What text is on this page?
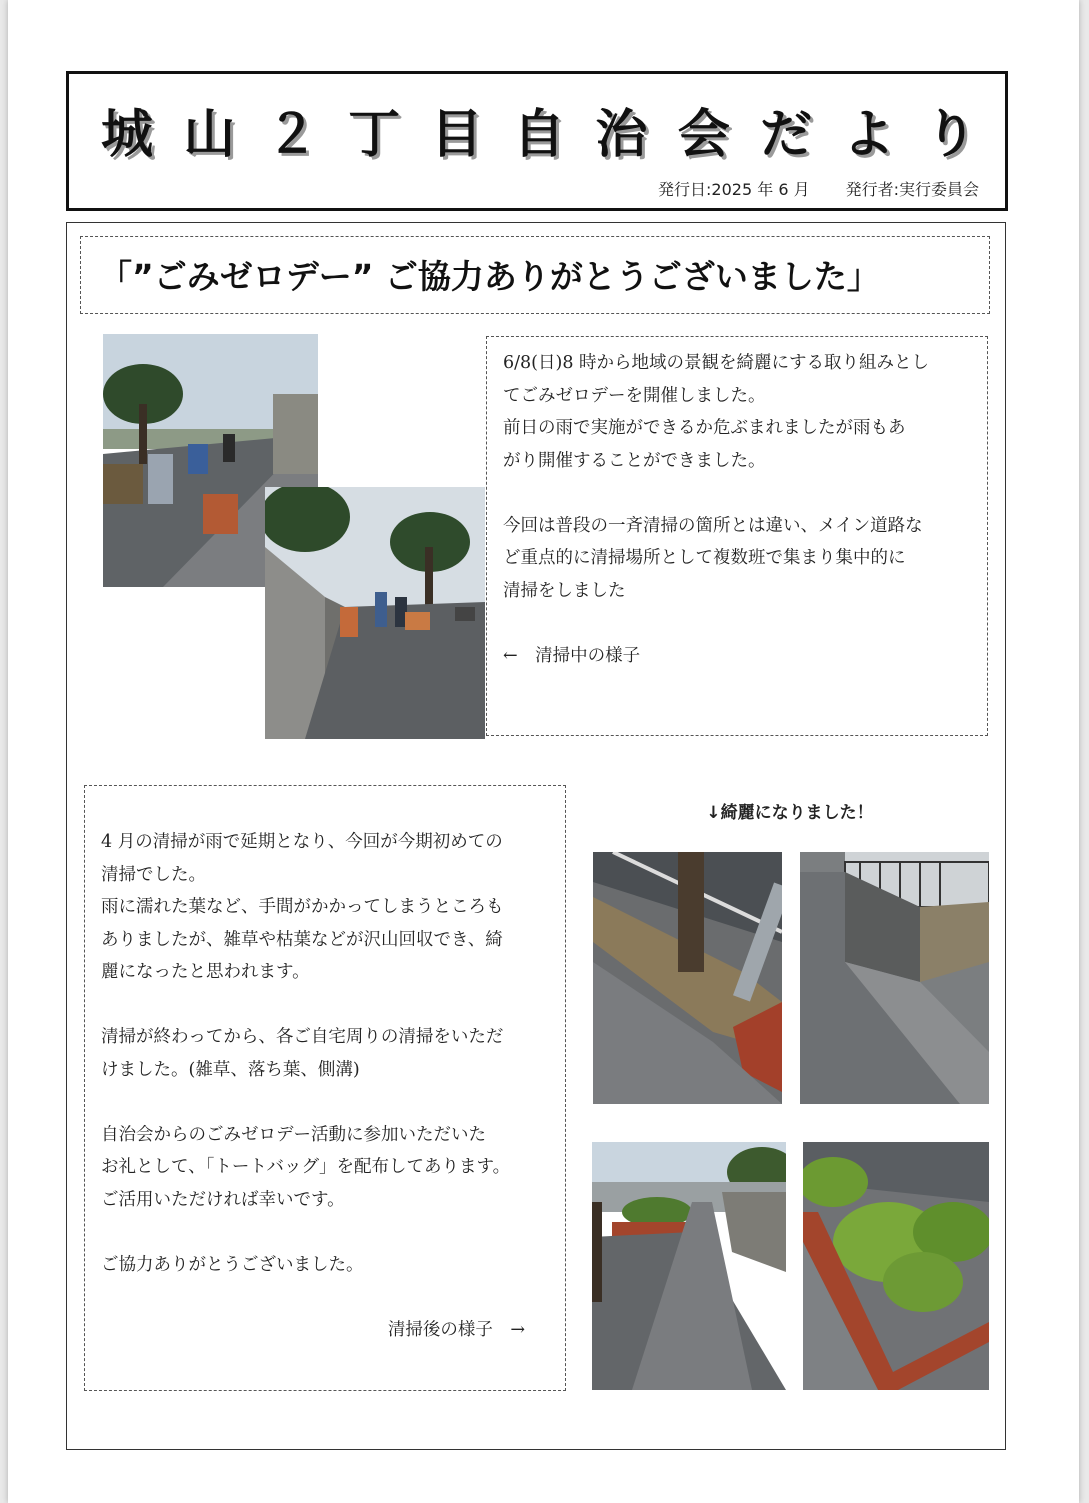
城 山 ２ 丁 目 自 治 会 だ よ り
発行日:2025 年 6 月 発行者:実行委員会
「”ごみゼロデー” ご協力ありがとうございました」

6/8(日)8 時から地域の景観を綺麗にする取り組みとし

てごみゼロデーを開催しました。

前日の雨で実施ができるか危ぶまれましたが雨もあ

がり開催することができました。

今回は普段の一斉清掃の箇所とは違い、メイン道路な

ど重点的に清掃場所として複数班で集まり集中的に

清掃をしました

←　清掃中の様子

↓綺麗になりました！

4 月の清掃が雨で延期となり、今回が今期初めての

清掃でした。

雨に濡れた葉など、手間がかかってしまうところも

ありましたが、雑草や枯葉などが沢山回収でき、綺

麗になったと思われます。

清掃が終わってから、各ご自宅周りの清掃をいただ

けました。(雑草、落ち葉、側溝)

自治会からのごみゼロデー活動に参加いただいた

お礼として、「トートバッグ」を配布してあります。

ご活用いただければ幸いです。

ご協力ありがとうございました。

清掃後の様子　→
